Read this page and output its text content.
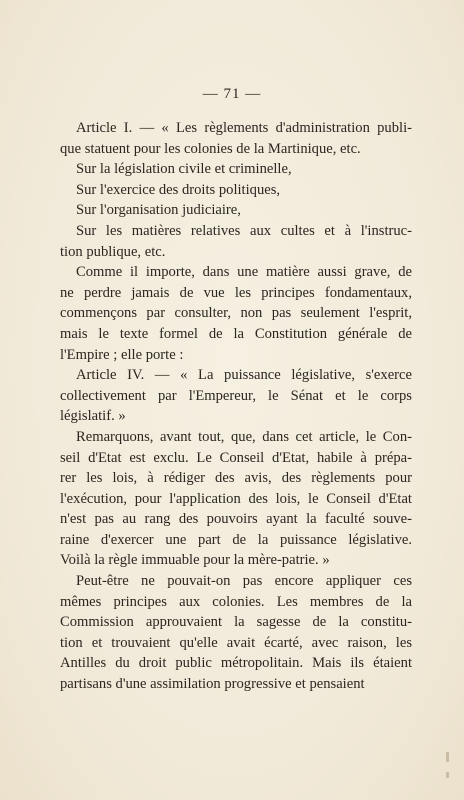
— 71 —

Article I. — « Les règlements d'administration publi-
que statuent pour les colonies de la Martinique, etc.

Sur la législation civile et criminelle,

Sur l'exercice des droits politiques,

Sur l'organisation judiciaire,

Sur les matières relatives aux cultes et à l'instruc-
tion publique, etc.

Comme il importe, dans une matière aussi grave, de
ne perdre jamais de vue les principes fondamentaux,
commençons par consulter, non pas seulement l'esprit,
mais le texte formel de la Constitution générale de
l'Empire ; elle porte :

Article IV. — « La puissance législative, s'exerce
collectivement par l'Empereur, le Sénat et le corps
législatif. »

Remarquons, avant tout, que, dans cet article, le Con-
seil d'Etat est exclu. Le Conseil d'Etat, habile à prépa-
rer les lois, à rédiger des avis, des règlements pour
l'exécution, pour l'application des lois, le Conseil d'Etat
n'est pas au rang des pouvoirs ayant la faculté souve-
raine d'exercer une part de la puissance législative.
Voilà la règle immuable pour la mère-patrie. »

Peut-être ne pouvait-on pas encore appliquer ces
mêmes principes aux colonies. Les membres de la
Commission approuvaient la sagesse de la constitu-
tion et trouvaient qu'elle avait écarté, avec raison, les
Antilles du droit public métropolitain. Mais ils étaient
partisans d'une assimilation progressive et pensaient
